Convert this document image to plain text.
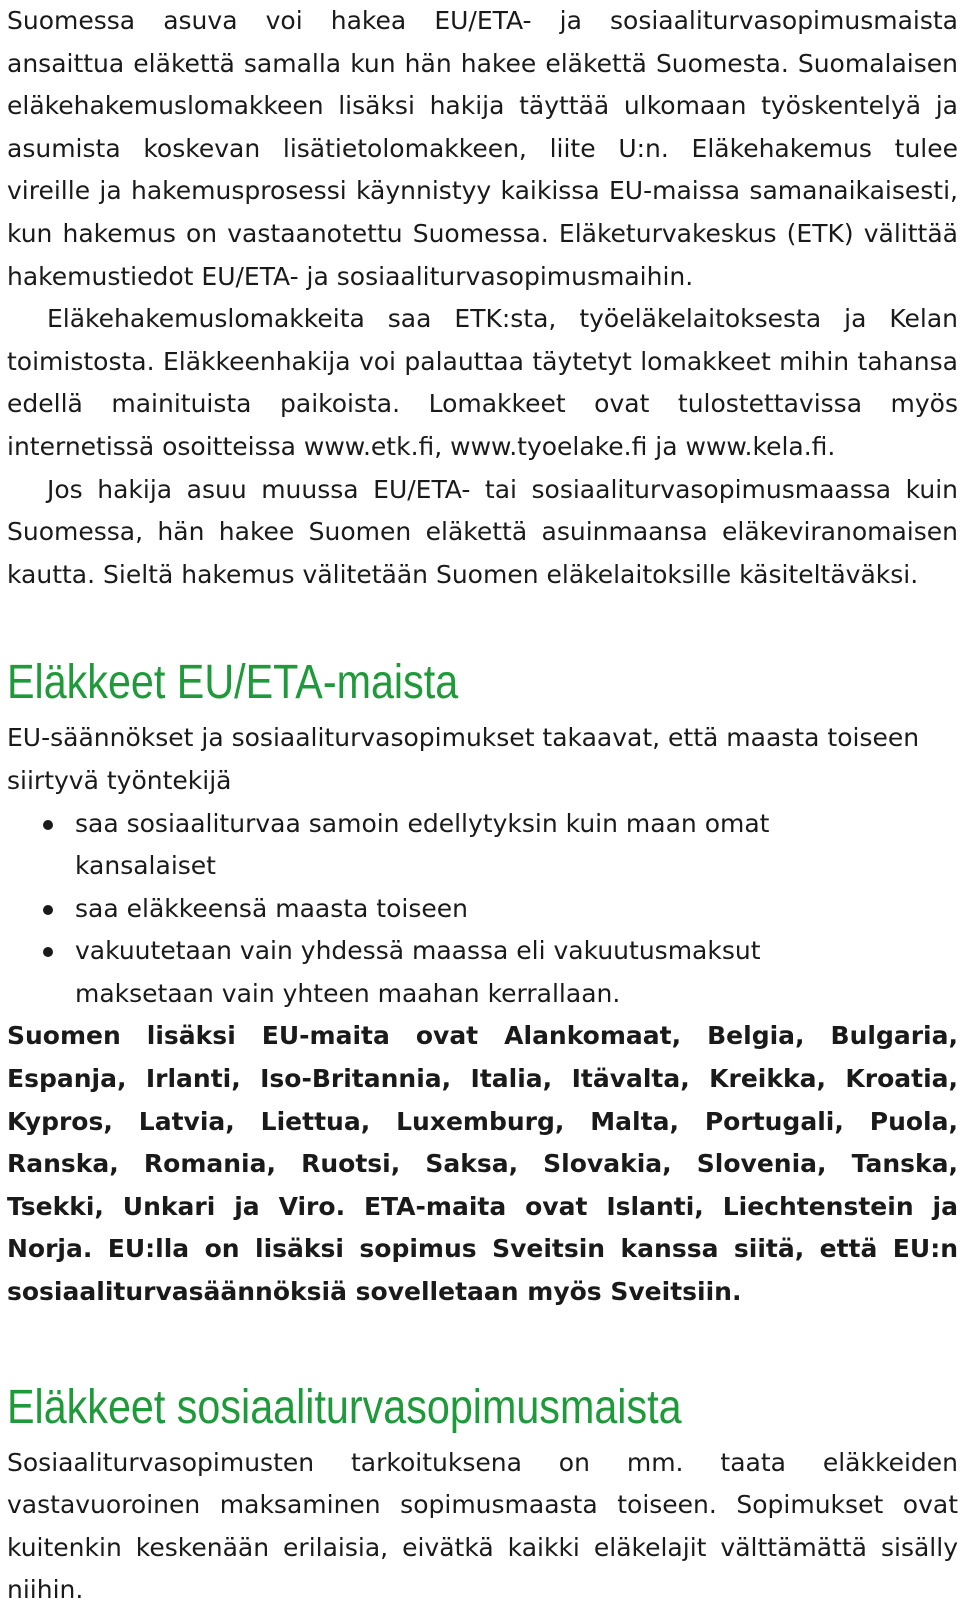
Suomessa asuva voi hakea EU/ETA- ja sosiaaliturvasopimusmaista ansaittua eläkettä samalla kun hän hakee eläkettä Suomesta. Suomalaisen eläkehakemuslomakkeen lisäksi hakija täyttää ulkomaan työskentelyä ja asumista koskevan lisätietolomakkeen, liite U:n. Eläkehakemus tulee vireille ja hakemusprosessi käynnistyy kaikissa EU-maissa samanaikaisesti, kun hakemus on vastaanotettu Suomessa. Eläketurvakeskus (ETK) välittää hakemustiedot EU/ETA- ja sosiaaliturvasopimusmaihin.

Eläkehakemuslomakkeita saa ETK:sta, työeläkelaitoksesta ja Kelan toimistosta. Eläkkeenhakija voi palauttaa täytetyt lomakkeet mihin tahansa edellä mainituista paikoista. Lomakkeet ovat tulostettavissa myös internetissä osoitteissa www.etk.fi, www.tyoelake.fi ja www.kela.fi.

Jos hakija asuu muussa EU/ETA- tai sosiaaliturvasopimusmaassa kuin Suomessa, hän hakee Suomen eläkettä asuinmaansa eläkeviranomaisen kautta. Sieltä hakemus välitetään Suomen eläkelaitoksille käsiteltäväksi.

Eläkkeet EU/ETA-maista

EU-säännökset ja sosiaaliturvasopimukset takaavat, että maasta toiseen siirtyvä työntekijä

saa sosiaaliturvaa samoin edellytyksin kuin maan omat kansalaiset
saa eläkkeensä maasta toiseen
vakuutetaan vain yhdessä maassa eli vakuutusmaksut maksetaan vain yhteen maahan kerrallaan.

Suomen lisäksi EU-maita ovat Alankomaat, Belgia, Bulgaria, Espanja, Irlanti, Iso-Britannia, Italia, Itävalta, Kreikka, Kroatia, Kypros, Latvia, Liettua, Luxemburg, Malta, Portugali, Puola, Ranska, Romania, Ruotsi, Saksa, Slovakia, Slovenia, Tanska, Tsekki, Unkari ja Viro. ETA-maita ovat Islanti, Liechtenstein ja Norja. EU:lla on lisäksi sopimus Sveitsin kanssa siitä, että EU:n sosiaaliturvasäännöksiä sovelletaan myös Sveitsiin.

Eläkkeet sosiaaliturvasopimusmaista

Sosiaaliturvasopimusten tarkoituksena on mm. taata eläkkeiden vastavuoroinen maksaminen sopimusmaasta toiseen. Sopimukset ovat kuitenkin keskenään erilaisia, eivätkä kaikki eläkelajit välttämättä sisälly niihin.
